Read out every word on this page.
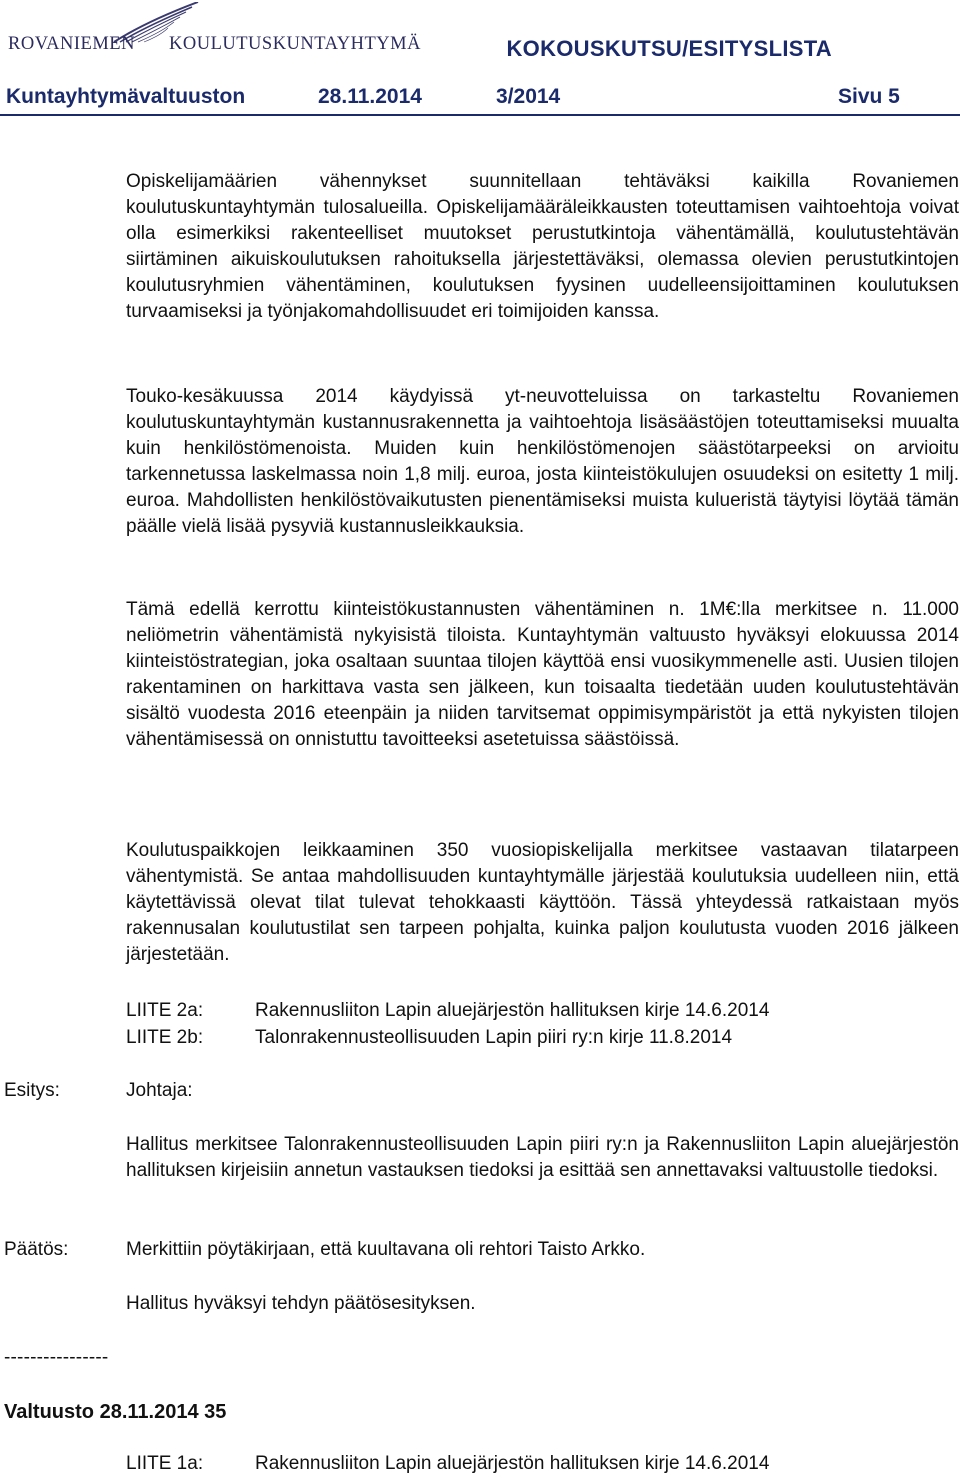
ROVANIEMEN KOULUTUSKUNTAYHTYMÄ	KOKOUSKUTSU/ESITYSLISTA
Kuntayhtymävaltuuston	28.11.2014	3/2014	Sivu 5

Opiskelijamäärien vähennykset suunnitellaan tehtäväksi kaikilla Rovaniemen koulutuskuntayhtymän tulosalueilla. Opiskelijamääräleikkausten toteuttamisen vaihtoehtoja voivat olla esimerkiksi rakenteelliset muutokset perustutkintoja vähentämällä, koulutustehtävän siirtäminen aikuiskoulutuksen rahoituksella järjestettäväksi, olemassa olevien perustutkintojen koulutusryhmien vähentäminen, koulutuksen fyysinen uudelleensijoittaminen koulutuksen turvaamiseksi ja työnjakomahdollisuudet eri toimijoiden kanssa.

Touko-kesäkuussa 2014 käydyissä yt-neuvotteluissa on tarkasteltu Rovaniemen koulutuskuntayhtymän kustannusrakennetta ja vaihtoehtoja lisäsäästöjen toteuttamiseksi muualta kuin henkilöstömenoista. Muiden kuin henkilöstömenojen säästötarpeeksi on arvioitu tarkennetussa laskelmassa noin 1,8 milj. euroa, josta kiinteistökulujen osuudeksi on esitetty 1 milj. euroa. Mahdollisten henkilöstövaikutusten pienentämiseksi muista kulueristä täytyisi löytää tämän päälle vielä lisää pysyviä kustannusleikkauksia.

Tämä edellä kerrottu kiinteistökustannusten vähentäminen n. 1M€:lla merkitsee n. 11.000 neliömetrin vähentämistä nykyisistä tiloista. Kuntayhtymän valtuusto hyväksyi elokuussa 2014 kiinteistöstrategian, joka osaltaan suuntaa tilojen käyttöä ensi vuosikymmenelle asti. Uusien tilojen rakentaminen on harkittava vasta sen jälkeen, kun toisaalta tiedetään uuden koulutustehtävän sisältö vuodesta 2016 eteenpäin ja niiden tarvitsemat oppimisympäristöt ja että nykyisten tilojen vähentämisessä on onnistuttu tavoitteeksi asetetuissa säästöissä.

Koulutuspaikkojen leikkaaminen 350 vuosiopiskelijalla merkitsee vastaavan tilatarpeen vähentymistä. Se antaa mahdollisuuden kuntayhtymälle järjestää koulutuksia uudelleen niin, että käytettävissä olevat tilat tulevat tehokkaasti käyttöön. Tässä yhteydessä ratkaistaan myös rakennusalan koulutustilat sen tarpeen pohjalta, kuinka paljon koulutusta vuoden 2016 jälkeen järjestetään.

LIITE 2a:	Rakennusliiton Lapin aluejärjestön hallituksen kirje 14.6.2014
LIITE 2b:	Talonrakennusteollisuuden Lapin piiri ry:n kirje 11.8.2014
Esitys:	Johtaja:

Hallitus merkitsee Talonrakennusteollisuuden Lapin piiri ry:n ja Rakennusliiton Lapin aluejärjestön hallituksen kirjeisiin annetun vastauksen tiedoksi ja esittää sen annettavaksi valtuustolle tiedoksi.

Päätös:	Merkittiin pöytäkirjaan, että kuultavana oli rehtori Taisto Arkko.
Hallitus hyväksyi tehdyn päätösesityksen.
----------------
Valtuusto 28.11.2014 35
LIITE 1a:	Rakennusliiton Lapin aluejärjestön hallituksen kirje 14.6.2014
